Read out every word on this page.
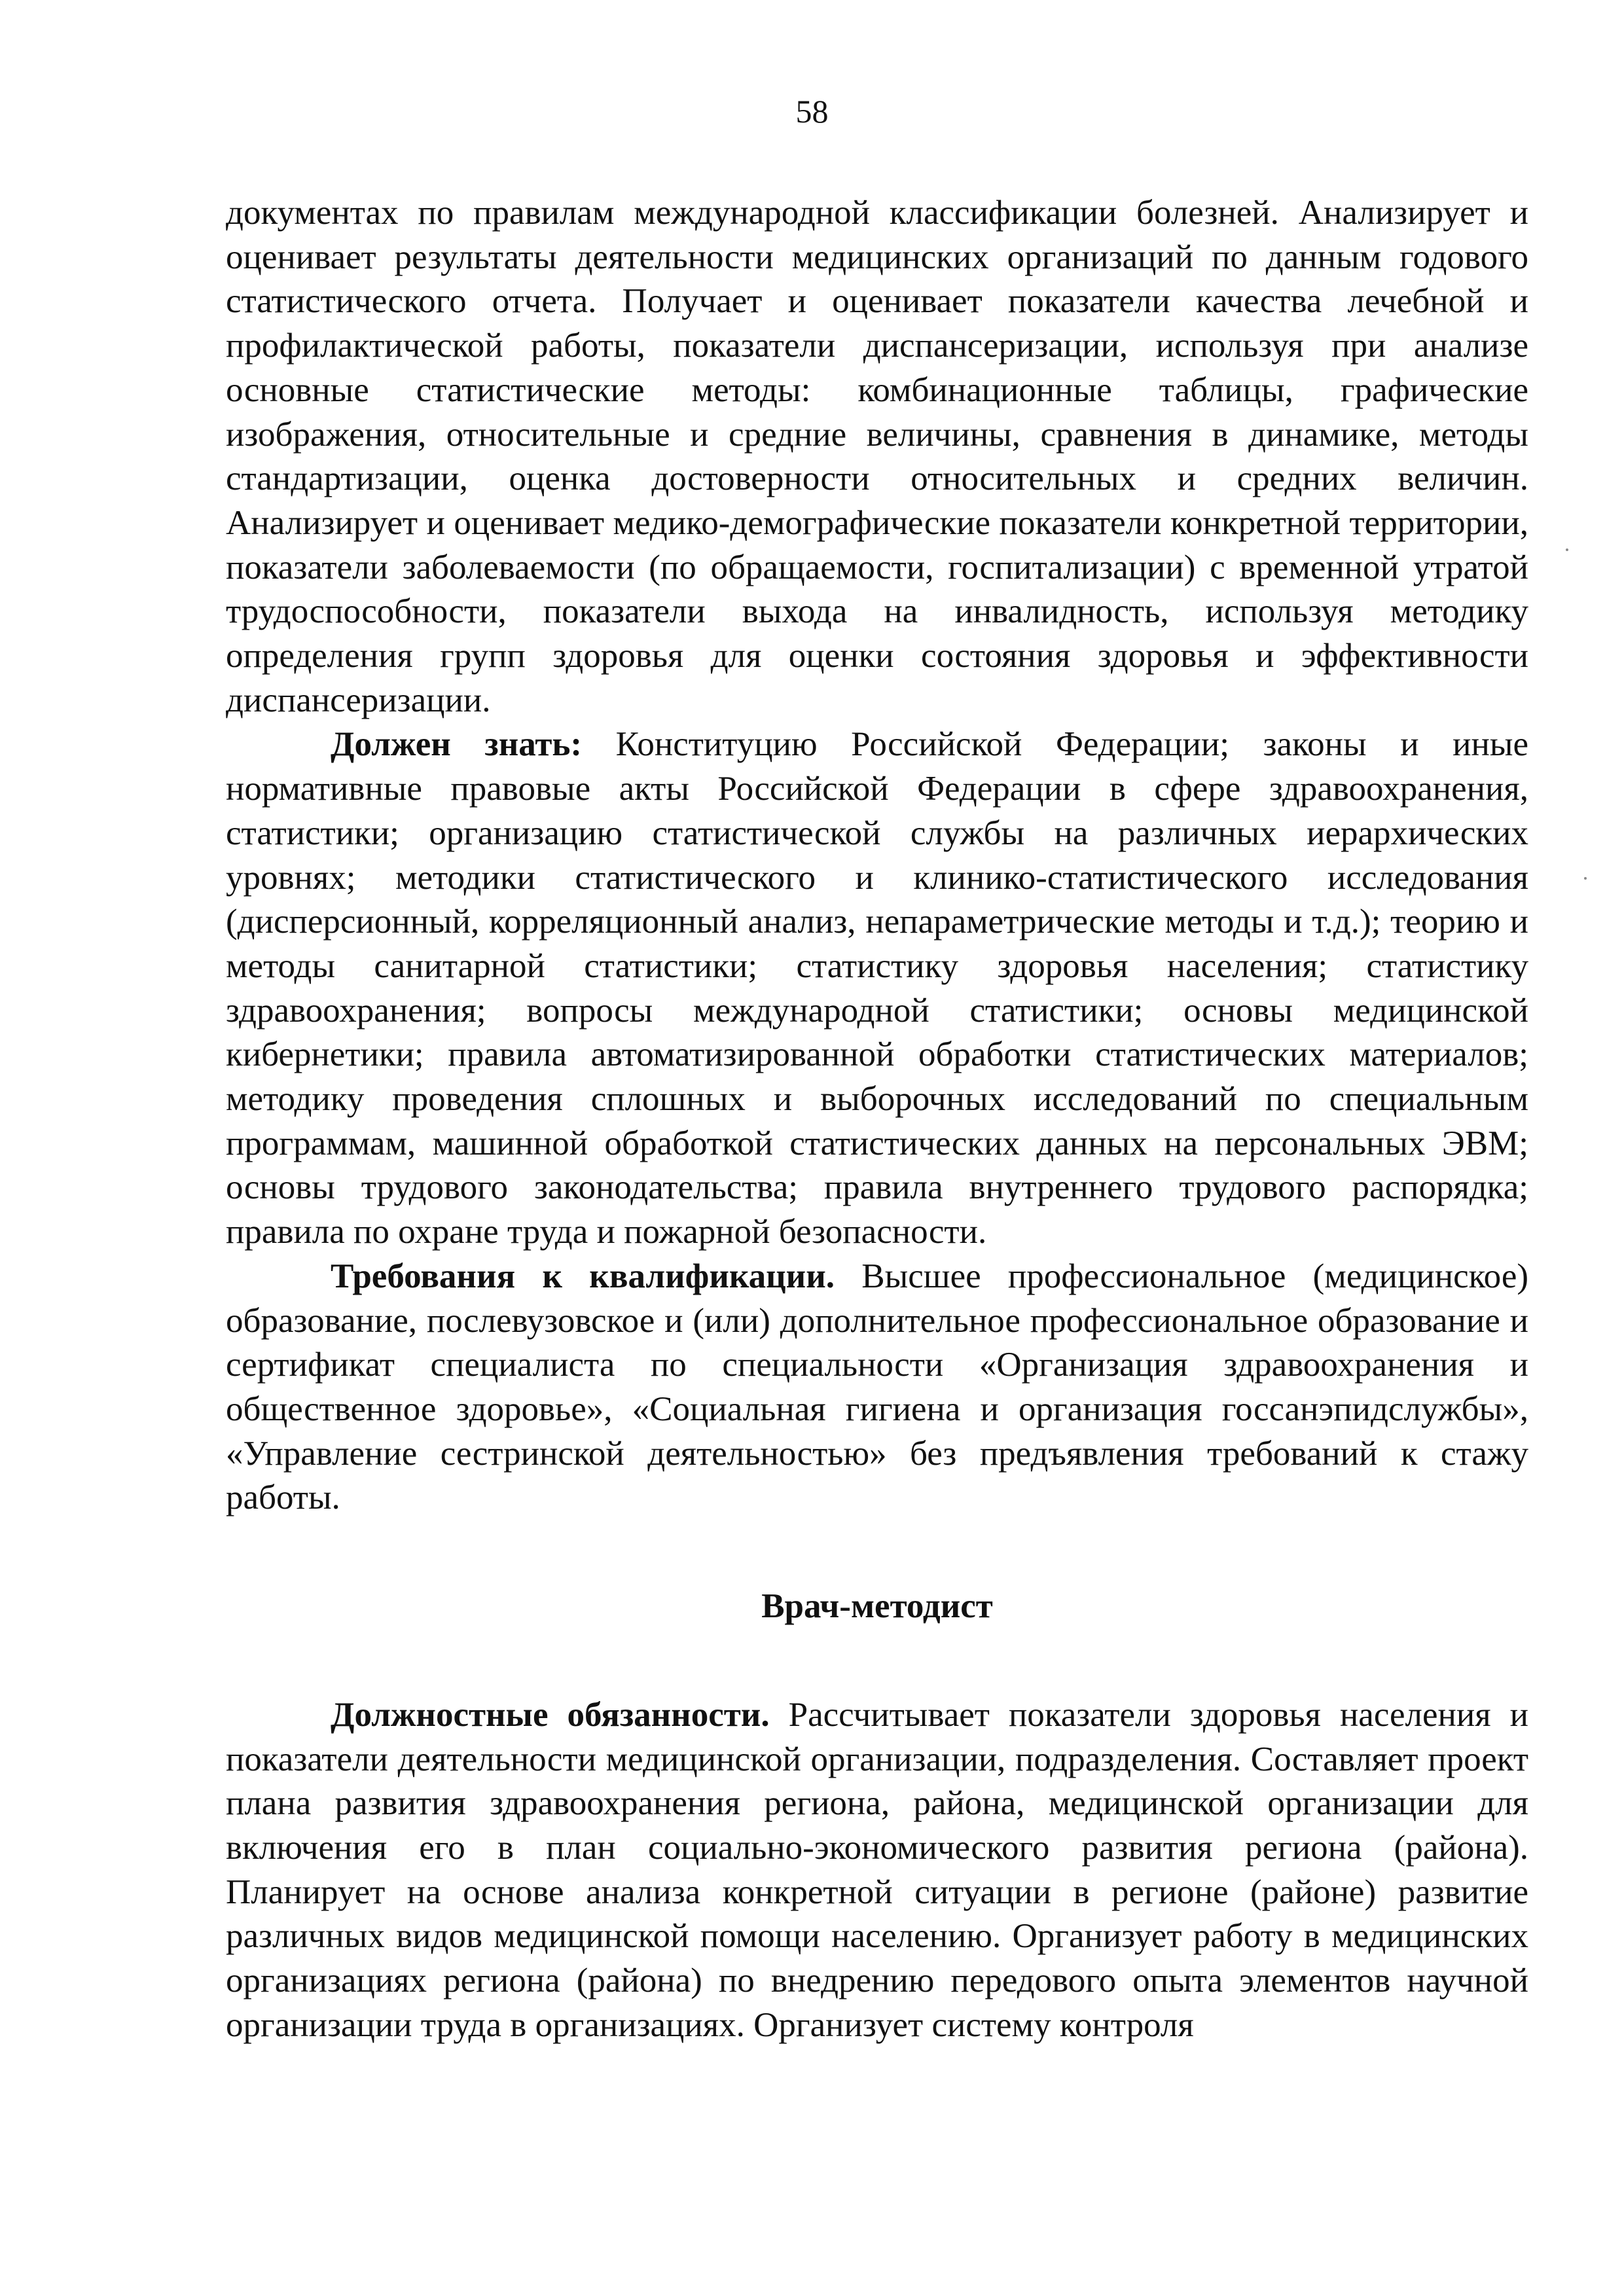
58

документах по правилам международной классификации болезней. Анализирует и оценивает результаты деятельности медицинских организаций по данным годового статистического отчета. Получает и оценивает показатели качества лечебной и профилактической работы, показатели диспансеризации, используя при анализе основные статистические методы: комбинационные таблицы, графические изображения, относительные и средние величины, сравнения в динамике, методы стандартизации, оценка достоверности относительных и средних величин. Анализирует и оценивает медико-демографические показатели конкретной территории, показатели заболеваемости (по обращаемости, госпитализации) с временной утратой трудоспособности, показатели выхода на инвалидность, используя методику определения групп здоровья для оценки состояния здоровья и эффективности диспансеризации.

Должен знать: Конституцию Российской Федерации; законы и иные нормативные правовые акты Российской Федерации в сфере здравоохранения, статистики; организацию статистической службы на различных иерархических уровнях; методики статистического и клинико-статистического исследования (дисперсионный, корреляционный анализ, непараметрические методы и т.д.); теорию и методы санитарной статистики; статистику здоровья населения; статистику здравоохранения; вопросы международной статистики; основы медицинской кибернетики; правила автоматизированной обработки статистических материалов; методику проведения сплошных и выборочных исследований по специальным программам, машинной обработкой статистических данных на персональных ЭВМ; основы трудового законодательства; правила внутреннего трудового распорядка; правила по охране труда и пожарной безопасности.

Требования к квалификации. Высшее профессиональное (медицинское) образование, послевузовское и (или) дополнительное профессиональное образование и сертификат специалиста по специальности «Организация здравоохранения и общественное здоровье», «Социальная гигиена и организация госсанэпидслужбы», «Управление сестринской деятельностью» без предъявления требований к стажу работы.

Врач-методист

Должностные обязанности. Рассчитывает показатели здоровья населения и показатели деятельности медицинской организации, подразделения. Составляет проект плана развития здравоохранения региона, района, медицинской организации для включения его в план социально-экономического развития региона (района). Планирует на основе анализа конкретной ситуации в регионе (районе) развитие различных видов медицинской помощи населению. Организует работу в медицинских организациях региона (района) по внедрению передового опыта элементов научной организации труда в организациях. Организует систему контроля
